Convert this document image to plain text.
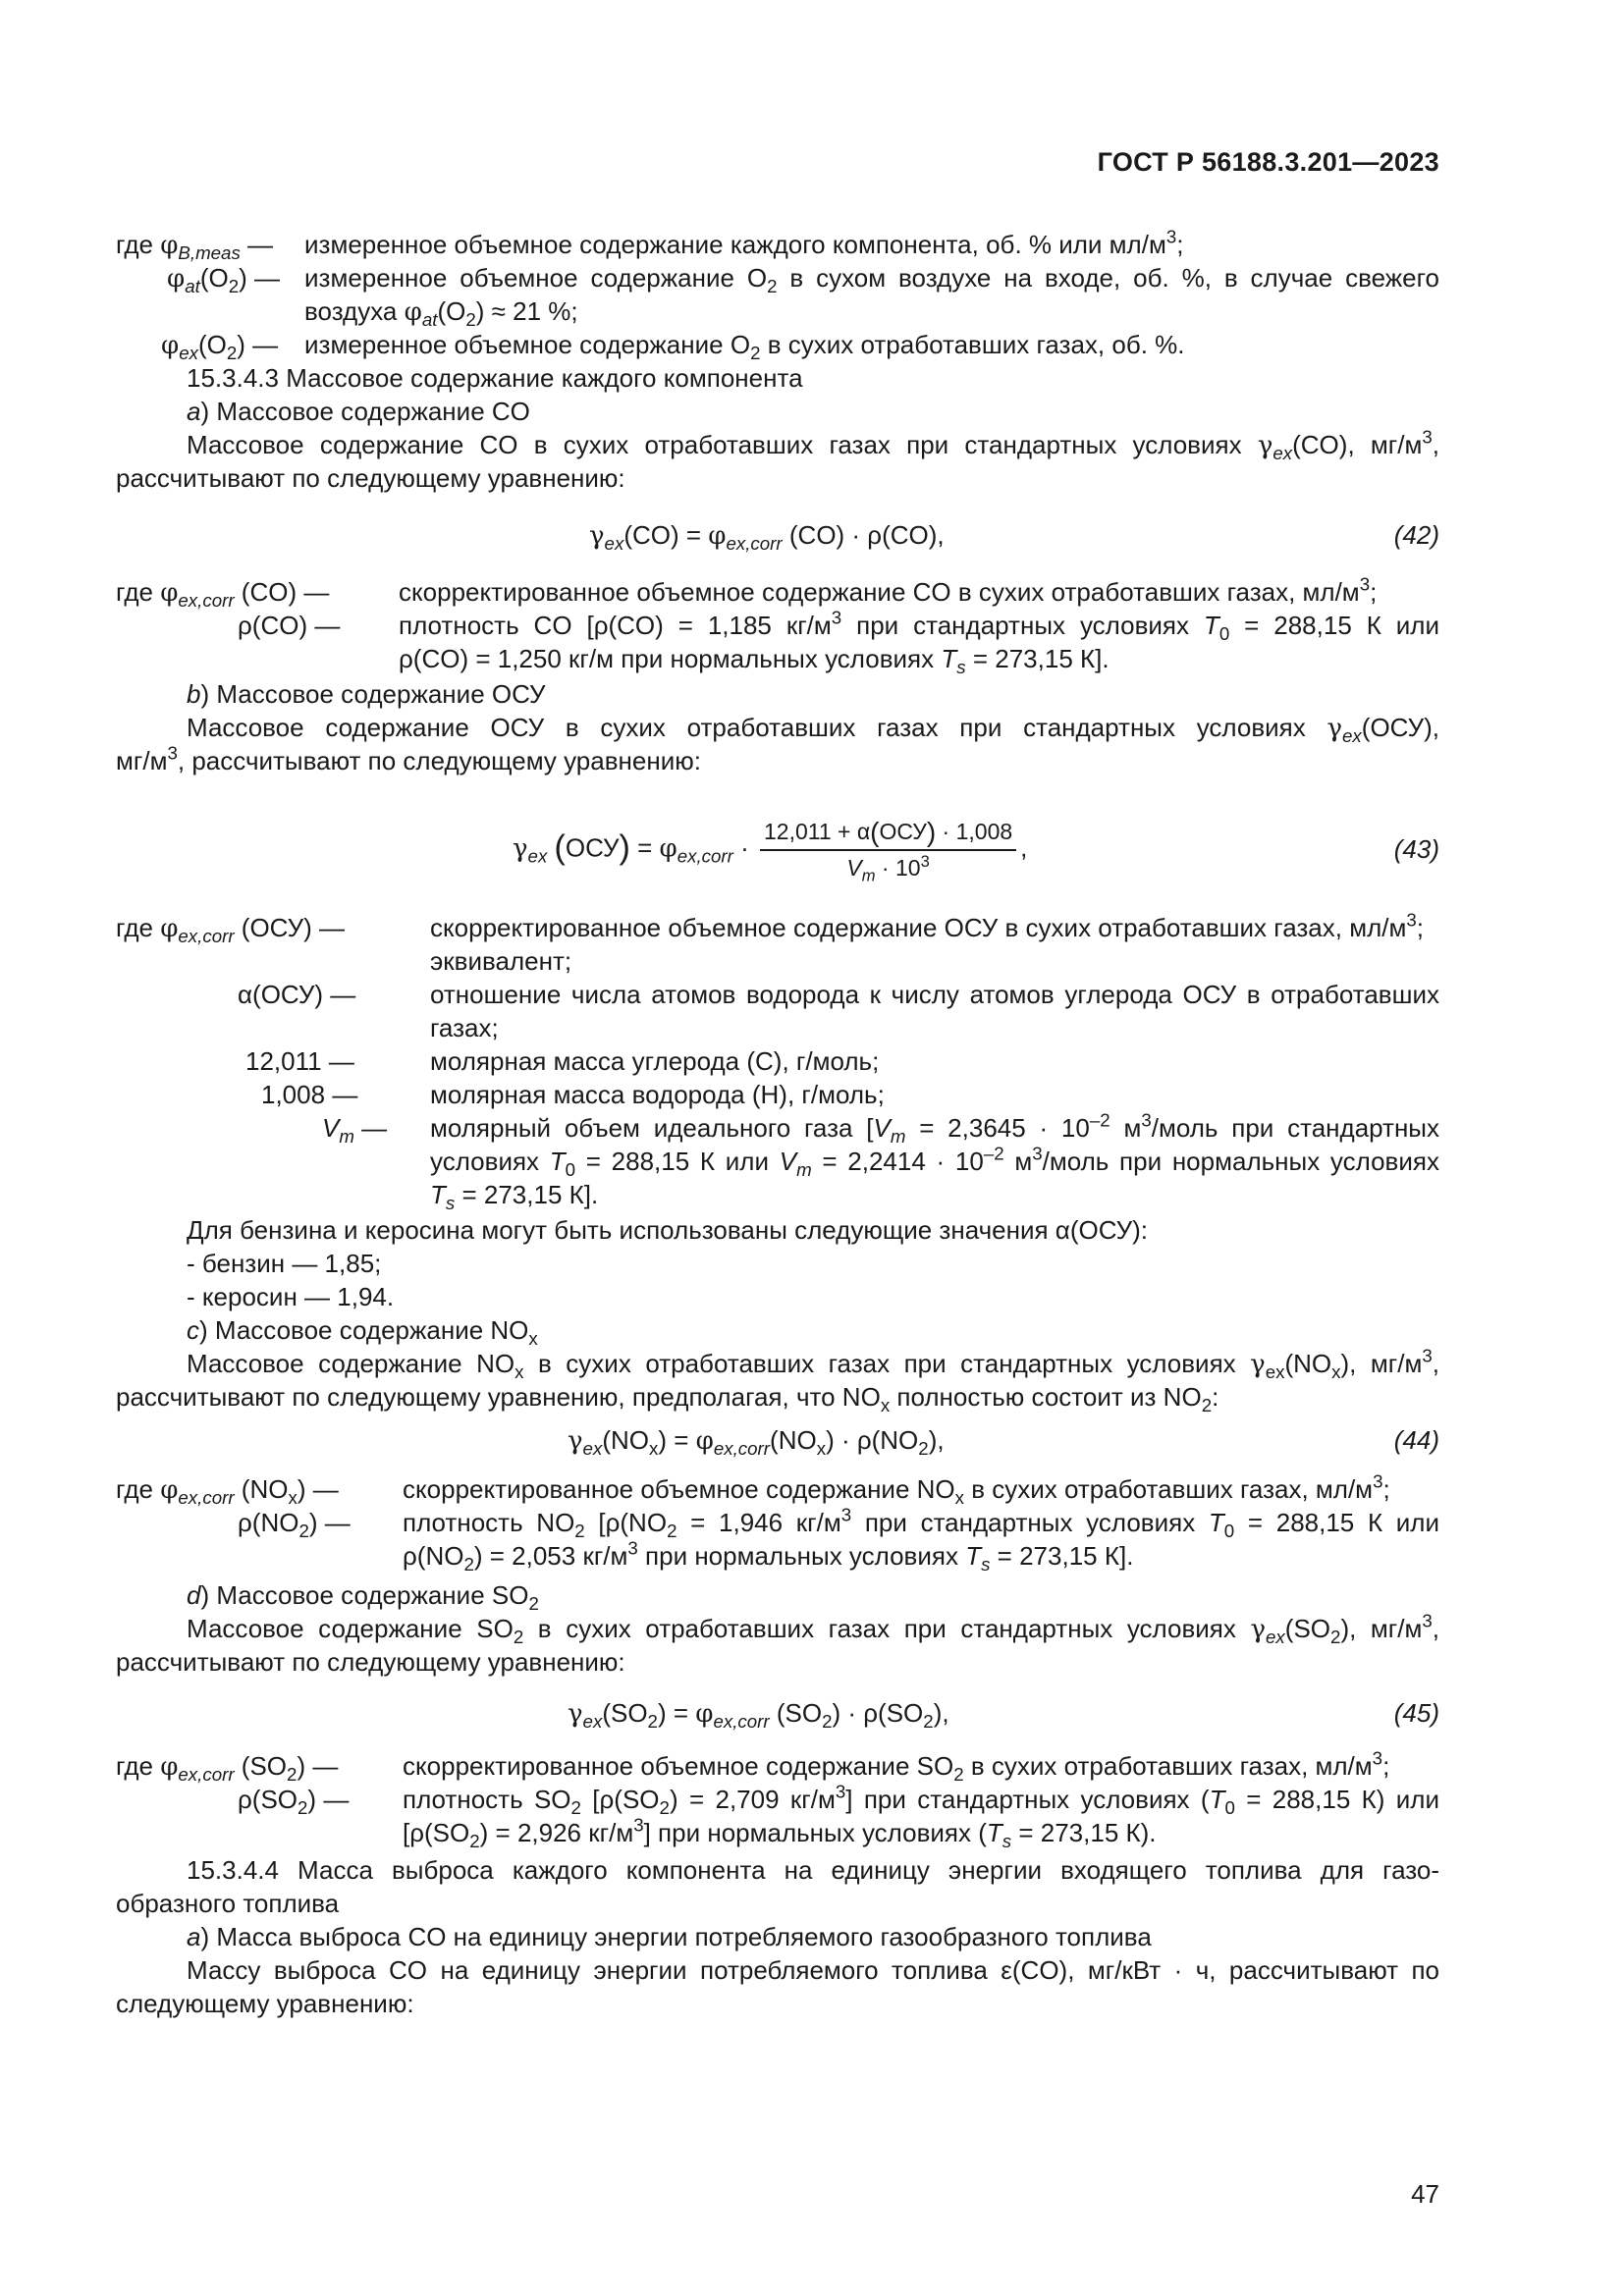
ГОСТ Р 56188.3.201—2023
где $\varphi_{B,meas}$ — измеренное объемное содержание каждого компонента, об. % или $мл/м^3$;
$\varphi_{at}(O_2)$ — измеренное объемное содержание $O_2$ в сухом воздухе на входе, об. %, в случае свежего
воздуха $\varphi_{at}(O_2) \approx 21$ %;
$\varphi_{ex}(O_2)$ — измеренное объемное содержание $O_2$ в сухих отработавших газах, об. %.
15.3.4.3 Массовое содержание каждого компонента
a) Массовое содержание CO
Массовое содержание CO в сухих отработавших газах при стандартных условиях $\gamma_{ex}(CO)$, $мг/м^3$,
рассчитывают по следующему уравнению:
$\gamma_{ex}(CO) = \varphi_{ex,corr}$ (CO) · ρ(CO),	(42)
где $\varphi_{ex,corr}$ (CO) —	скорректированное объемное содержание CO в сухих отработавших газах, $мл/м^3$;
ρ(CO) — плотность CO [ρ(CO) = 1,185 $кг/м^3$ при стандартных условиях $T_0 = 288,15$ К или
ρ(CO) = 1,250 кг/м при нормальных условиях $T_s = 273,15$ К].
b) Массовое содержание ОСУ
Массовое содержание ОСУ в сухих отработавших газах при стандартных условиях $\gamma_{ex}(ОСУ)$,
$мг/м^3$, рассчитывают по следующему уравнению:
$\gamma_{ex}$ $(ОСУ) = \varphi_{ex,corr} \cdot \frac{\text{12,011 + α(ОСУ) · 1,008}}{V_m \cdot 10^3}$ ,	(43)
где $\varphi_{ex,corr}$ (ОСУ) —	скорректированное объемное содержание ОСУ в сухих отработавших газах, $мл/м^3$;
эквивалент;
α(ОСУ) —	отношение числа атомов водорода к числу атомов углерода ОСУ в отработавших
газах;
12,011 —	молярная масса углерода (C), г/моль;
1,008 —	молярная масса водорода (H), г/моль;
$V_m$ — молярный объем идеального газа [$V_m = 2,3645 \cdot 10^{-2}$ $м^3$/моль при стандартных
условиях $T_0 = 288,15$ К или $V_m = 2,2414 \cdot 10^{-2}$ $м^3$/моль при нормальных условиях
$T_s = 273,15$ К].
Для бензина и керосина могут быть использованы следующие значения α(ОСУ):
- бензин — 1,85;
- керосин — 1,94.
c) Массовое содержание $NO_x$
Массовое содержание $NO_x$ в сухих отработавших газах при стандартных условиях $\gamma_{ex}(NO_x)$, $мг/м^3$,
рассчитывают по следующему уравнению, предполагая, что $NO_x$ полностью состоит из $NO_2$:
$\gamma_{ex}(NO_x) = \varphi_{ex,corr}(NO_x) \cdot \rho(NO_2)$,	(44)
где $\varphi_{ex,corr}$ $(NO_x)$ —	скорректированное объемное содержание $NO_x$ в сухих отработавших газах, $мл/м^3$;
$\rho(NO_2)$ — плотность $NO_2$ [$\rho(NO_2 = 1,946$ $кг/м^3$ при стандартных условиях $T_0 = 288,15$ К или
$\rho(NO_2) = 2,053$ $кг/м^3$ при нормальных условиях $T_s = 273,15$ К].
d) Массовое содержание $SO_2$
Массовое содержание $SO_2$ в сухих отработавших газах при стандартных условиях $\gamma_{ex}(SO_2)$, $мг/м^3$,
рассчитывают по следующему уравнению:
$\gamma_{ex}(SO_2) = \varphi_{ex,corr}$ $(SO_2) \cdot \rho(SO_2)$,	(45)
где $\varphi_{ex,corr}$ $(SO_2)$ —	скорректированное объемное содержание $SO_2$ в сухих отработавших газах, $мл/м^3$;
$\rho(SO_2)$ — плотность $SO_2$ [$\rho(SO_2) = 2,709$ $кг/м^3$] при стандартных условиях ($T_0 = 288,15$ К) или
[$\rho(SO_2) = 2,926$ $кг/м^3$] при нормальных условиях ($T_s = 273,15$ К).
15.3.4.4 Масса выброса каждого компонента на единицу энергии входящего топлива для газо-
образного топлива
a) Масса выброса CO на единицу энергии потребляемого газообразного топлива
Массу выброса CO на единицу энергии потребляемого топлива ε(CO), мг/кВт · ч, рассчитывают по
следующему уравнению:
47
